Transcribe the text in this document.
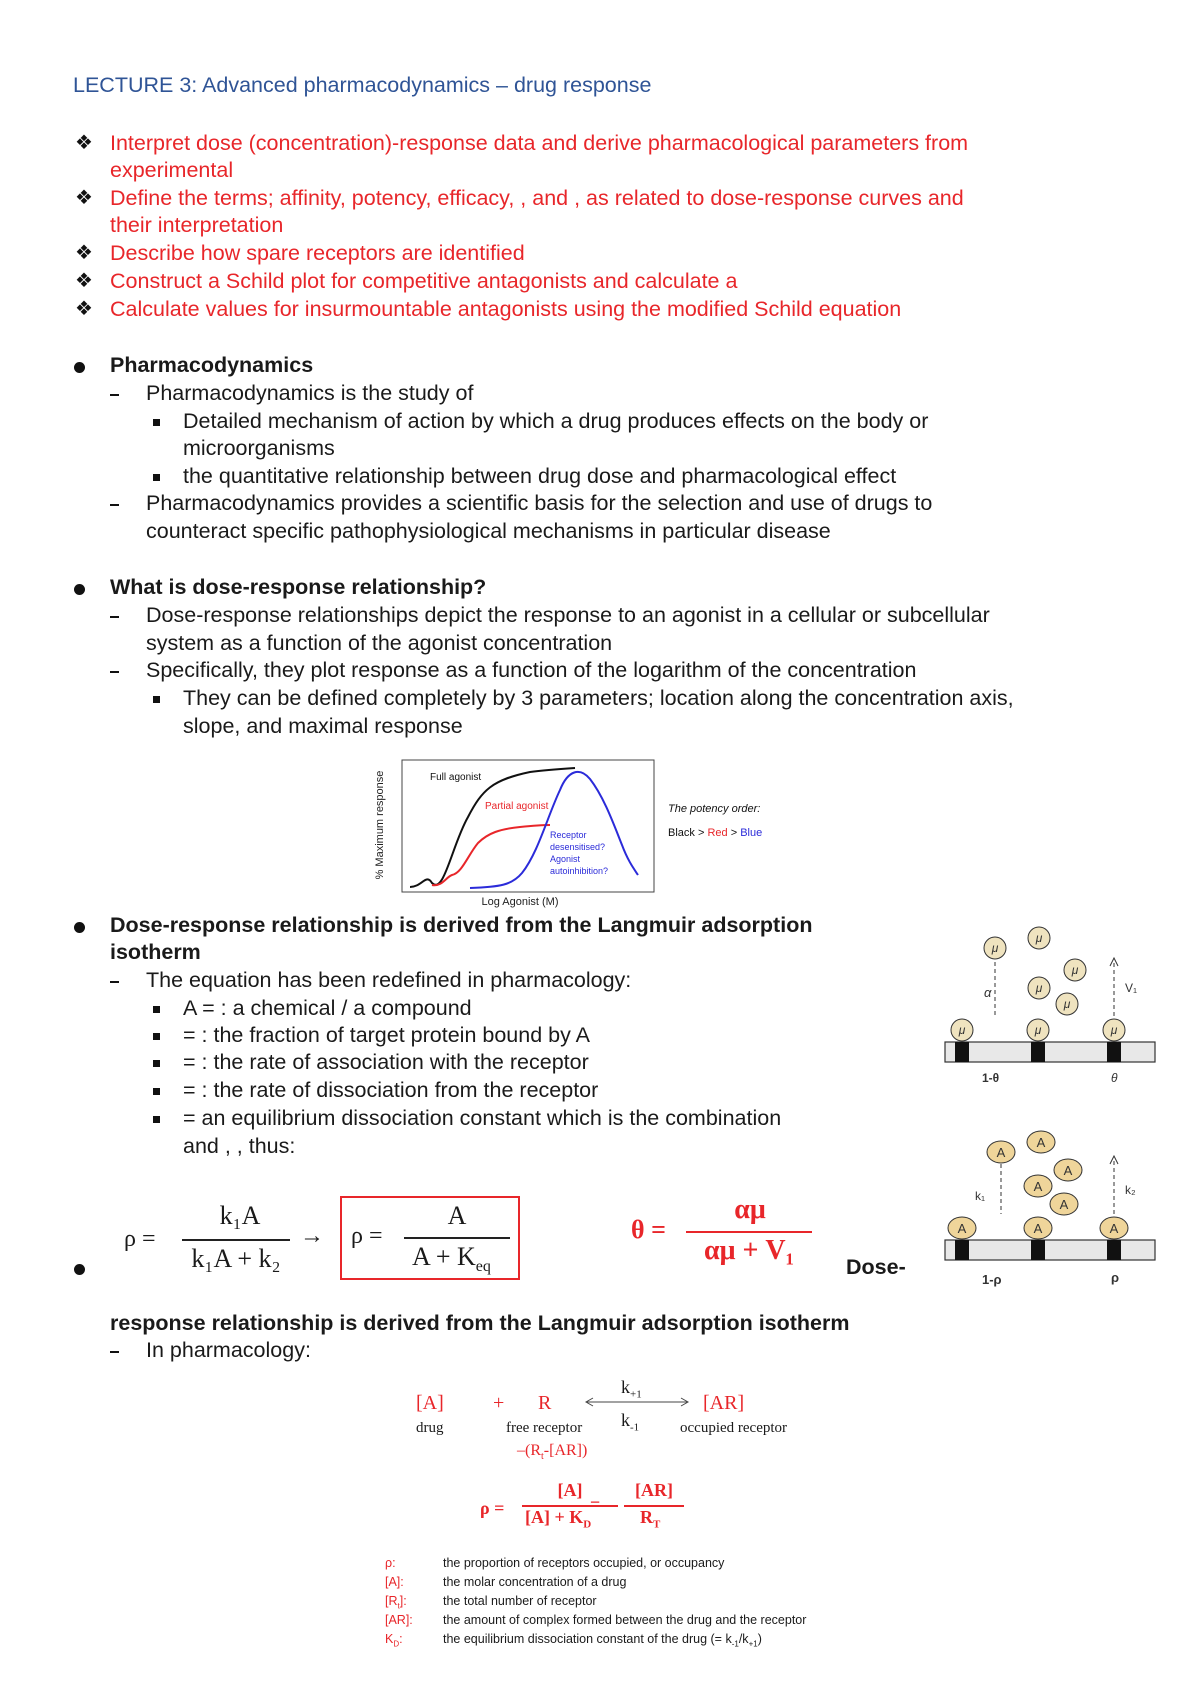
LECTURE 3: Advanced pharmacodynamics – drug response
❖ Interpret dose (concentration)-response data and derive pharmacological parameters from
experimental
❖ Define the terms; affinity, potency, efficacy, , and , as related to dose-response curves and
their interpretation
❖ Describe how spare receptors are identified
❖ Construct a Schild plot for competitive antagonists and calculate a
❖ Calculate values for insurmountable antagonists using the modified Schild equation
Pharmacodynamics
Pharmacodynamics is the study of
Detailed mechanism of action by which a drug produces effects on the body or
microorganisms
the quantitative relationship between drug dose and pharmacological effect
Pharmacodynamics provides a scientific basis for the selection and use of drugs to
counteract specific pathophysiological mechanisms in particular disease
What is dose-response relationship?
Dose-response relationships depict the response to an agonist in a cellular or subcellular
system as a function of the agonist concentration
Specifically, they plot response as a function of the logarithm of the concentration
They can be defined completely by 3 parameters; location along the concentration axis,
slope, and maximal response
% Maximum response
Log Agonist (M)
Full agonist
Partial agonist
Receptor
desensitised?
Agonist
autoinhibition?
The potency order:
Black > Red > Blue
Dose-response relationship is derived from the Langmuir adsorption
isotherm
The equation has been redefined in pharmacology:
A = : a chemical / a compound
= : the fraction of target protein bound by A
= : the rate of association with the receptor
= : the rate of dissociation from the receptor
= an equilibrium dissociation constant which is the combination
and , , thus:
μ	μ	μ
μ
μ
μ
μ
μ
α	V₁
1-θ	θ
A	A	A
A
A
A
A
A
k₁	k₂
1-ρ	ρ
ρ =
k₁A
k₁A + k₂
→ ρ =
A
$A + K_{eq}$
θ =
αμ
αμ + V₁
Dose-
response relationship is derived from the Langmuir adsorption isotherm
In pharmacology:
[A] + R
$k_{+1}$
$k_{-1}$
[AR]
drug	free receptor	occupied receptor
$-(R_t-[AR])$
ρ =
[A]
$[A] + K_D$
=
[AR]
$R_T$
ρ:	the proportion of receptors occupied, or occupancy
[A]:	the molar concentration of a drug
$[R_t]$:	the total number of receptor
[AR]: the amount of complex formed between the drug and the receptor
$K_D$:	the equilibrium dissociation constant of the drug (= $k_{-1}/k_{+1}$)
